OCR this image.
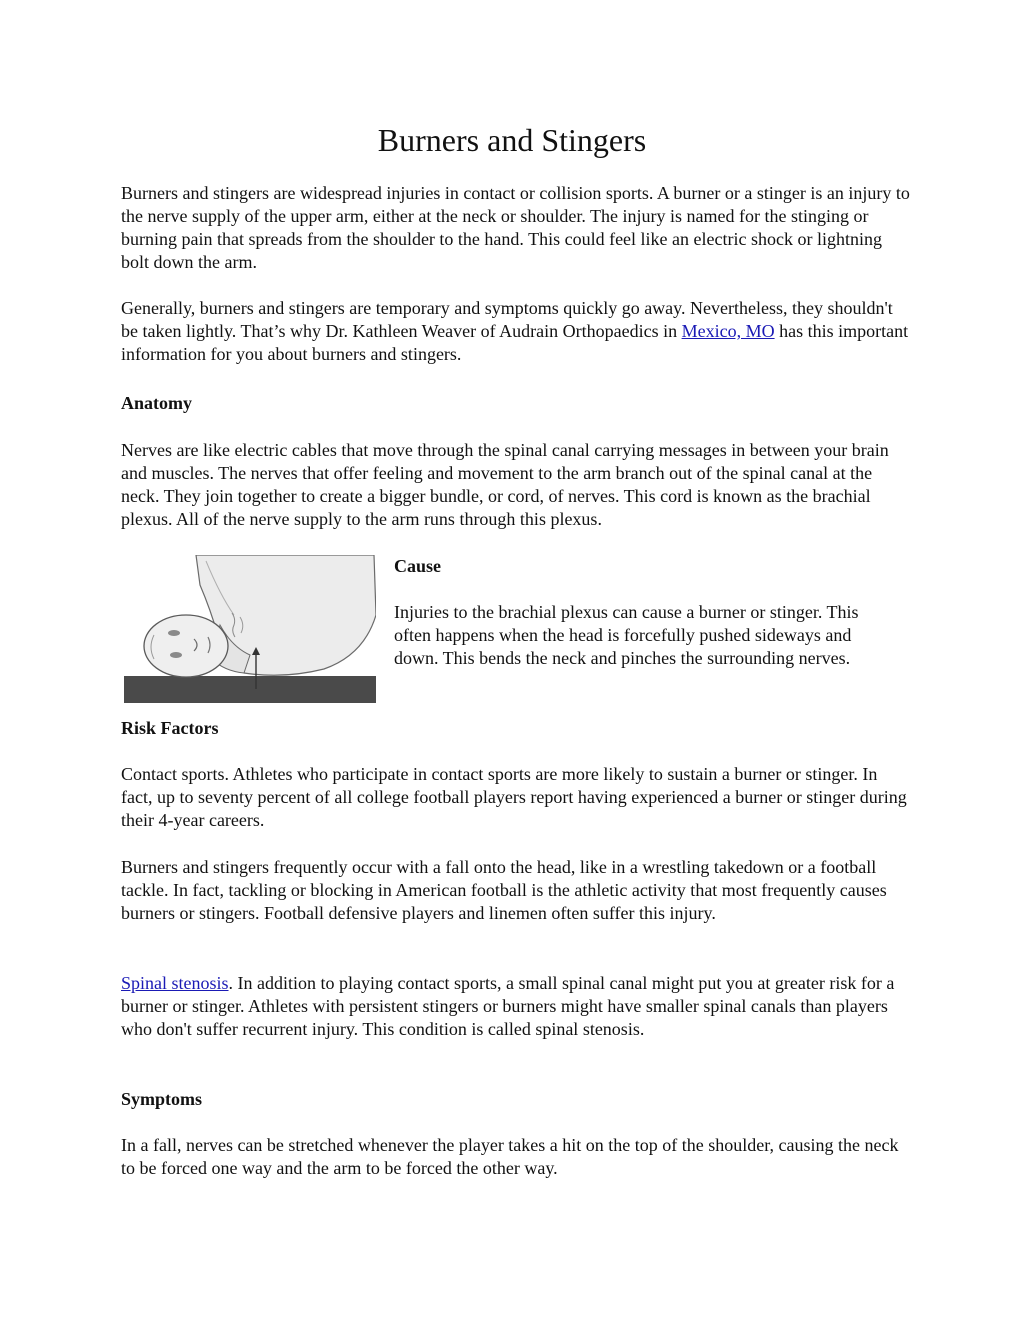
Burners and Stingers

Burners and stingers are widespread injuries in contact or collision sports. A burner or a stinger is an injury to the nerve supply of the upper arm, either at the neck or shoulder. The injury is named for the stinging or burning pain that spreads from the shoulder to the hand. This could feel like an electric shock or lightning bolt down the arm.

Generally, burners and stingers are temporary and symptoms quickly go away. Nevertheless, they shouldn't be taken lightly. That’s why Dr. Kathleen Weaver of Audrain Orthopaedics in Mexico, MO has this important information for you about burners and stingers.

Anatomy

Nerves are like electric cables that move through the spinal canal carrying messages in between your brain and muscles. The nerves that offer feeling and movement to the arm branch out of the spinal canal at the neck. They join together to create a bigger bundle, or cord, of nerves. This cord is known as the brachial plexus. All of the nerve supply to the arm runs through this plexus.

Cause

Injuries to the brachial plexus can cause a burner or stinger. This often happens when the head is forcefully pushed sideways and down. This bends the neck and pinches the surrounding nerves.

Risk Factors

Contact sports. Athletes who participate in contact sports are more likely to sustain a burner or stinger. In fact, up to seventy percent of all college football players report having experienced a burner or stinger during their 4-year careers.

Burners and stingers frequently occur with a fall onto the head, like in a wrestling takedown or a football tackle. In fact, tackling or blocking in American football is the athletic activity that most frequently causes burners or stingers. Football defensive players and linemen often suffer this injury.

Spinal stenosis. In addition to playing contact sports, a small spinal canal might put you at greater risk for a burner or stinger. Athletes with persistent stingers or burners might have smaller spinal canals than players who don't suffer recurrent injury. This condition is called spinal stenosis.

Symptoms

In a fall, nerves can be stretched whenever the player takes a hit on the top of the shoulder, causing the neck to be forced one way and the arm to be forced the other way.
